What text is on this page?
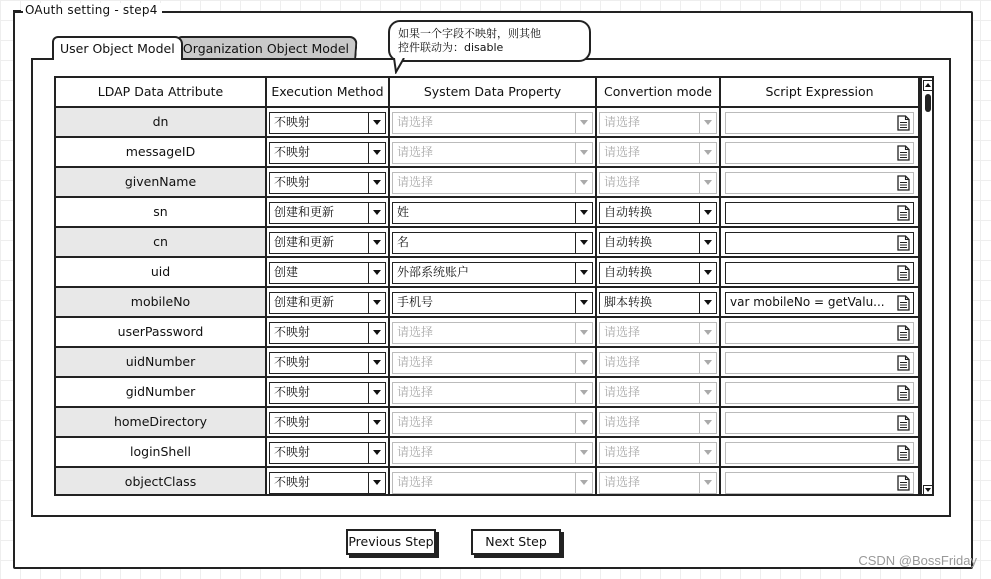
OAuth setting - step4
User Object Model Organization Object Model
如果一个字段不映射，则其他
控件联动为：disable
LDAP Data Attribute	Execution Method	System Data Property	Convertion mode	Script Expression
dn	不映射	请选择	请选择
messageID	不映射	请选择	请选择
givenName	不映射	请选择	请选择
sn	创建和更新	姓	自动转换
cn	创建和更新	名	自动转换
uid	创建	外部系统账户	自动转换
mobileNo	创建和更新	手机号	脚本转换	var mobileNo = getValu...
userPassword	不映射	请选择	请选择
uidNumber	不映射	请选择	请选择
gidNumber	不映射	请选择	请选择
homeDirectory	不映射	请选择	请选择
loginShell	不映射	请选择	请选择
objectClass	不映射	请选择	请选择
Previous Step	Next Step
CSDN @BossFriday
